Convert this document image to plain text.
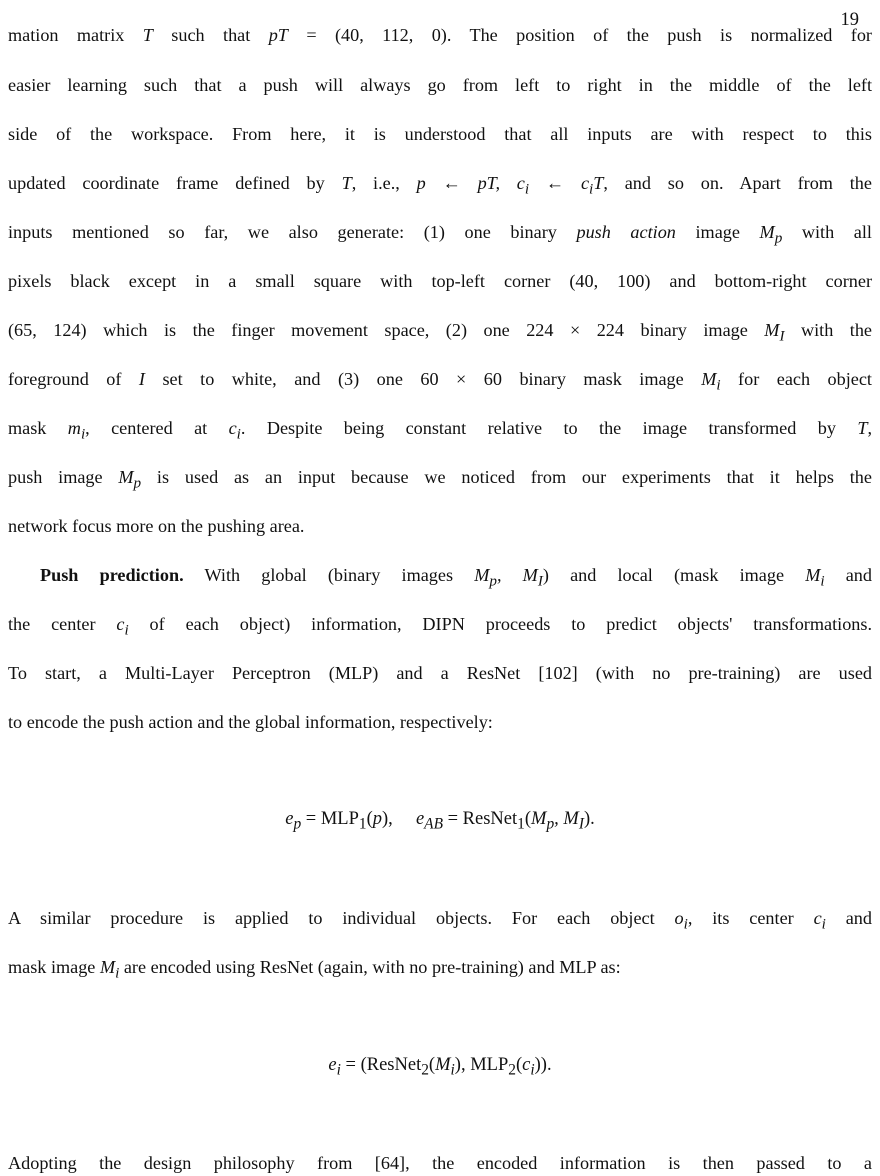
19
mation matrix T such that pT = (40, 112, 0). The position of the push is normalized for
easier learning such that a push will always go from left to right in the middle of the left
side of the workspace. From here, it is understood that all inputs are with respect to this
updated coordinate frame defined by T, i.e., p ← pT, $c_i$ ← $c_iT$, and so on. Apart from the
inputs mentioned so far, we also generate: (1) one binary push action image $M_p$ with all
pixels black except in a small square with top-left corner (40, 100) and bottom-right corner
(65, 124) which is the finger movement space, (2) one 224 × 224 binary image $M_I$ with the
foreground of I set to white, and (3) one 60 × 60 binary mask image $M_i$ for each object
mask $m_i$, centered at $c_i$. Despite being constant relative to the image transformed by T,
push image $M_p$ is used as an input because we noticed from our experiments that it helps the
network focus more on the pushing area.
Push prediction. With global (binary images $M_p$, $M_I$) and local (mask image $M_i$ and
the center $c_i$ of each object) information, DIPN proceeds to predict objects' transformations.
To start, a Multi-Layer Perceptron (MLP) and a ResNet [102] (with no pre-training) are used
to encode the push action and the global information, respectively:
$e_p = MLP_1(p)$,     $e_{AB}$ = $ResNet_1(M_p$, $M_I$).
A similar procedure is applied to individual objects. For each object $o_i$, its center $c_i$ and
mask image $M_i$ are encoded using ResNet (again, with no pre-training) and MLP as:
$e_i$ = ($ResNet_2(M_i)$, $MLP_2(c_i)$).
Adopting the design philosophy from [64], the encoded information is then passed to a
